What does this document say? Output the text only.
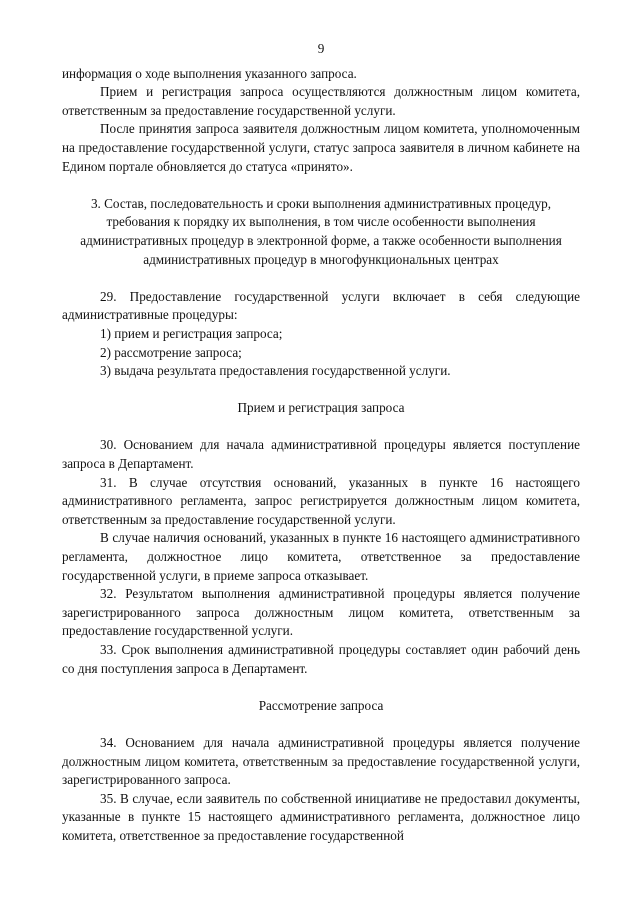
9

информация о ходе выполнения указанного запроса.

Прием и регистрация запроса осуществляются должностным лицом комитета, ответственным за предоставление государственной услуги.

После принятия запроса заявителя должностным лицом комитета, уполномоченным на предоставление государственной услуги, статус запроса заявителя в личном кабинете на Едином портале обновляется до статуса «принято».

3. Состав, последовательность и сроки выполнения административных процедур, требования к порядку их выполнения, в том числе особенности выполнения административных процедур в электронной форме, а также особенности выполнения административных процедур в многофункциональных центрах

29. Предоставление государственной услуги включает в себя следующие административные процедуры:

1) прием и регистрация запроса;

2) рассмотрение запроса;

3) выдача результата предоставления государственной услуги.

Прием и регистрация запроса

30. Основанием для начала административной процедуры является поступление запроса в Департамент.

31. В случае отсутствия оснований, указанных в пункте 16 настоящего административного регламента, запрос регистрируется должностным лицом комитета, ответственным за предоставление государственной услуги.

В случае наличия оснований, указанных в пункте 16 настоящего административного регламента, должностное лицо комитета, ответственное за предоставление государственной услуги, в приеме запроса отказывает.

32. Результатом выполнения административной процедуры является получение зарегистрированного запроса должностным лицом комитета, ответственным за предоставление государственной услуги.

33. Срок выполнения административной процедуры составляет один рабочий день со дня поступления запроса в Департамент.

Рассмотрение запроса

34. Основанием для начала административной процедуры является получение должностным лицом комитета, ответственным за предоставление государственной услуги, зарегистрированного запроса.

35. В случае, если заявитель по собственной инициативе не предоставил документы, указанные в пункте 15 настоящего административного регламента, должностное лицо комитета, ответственное за предоставление государственной
